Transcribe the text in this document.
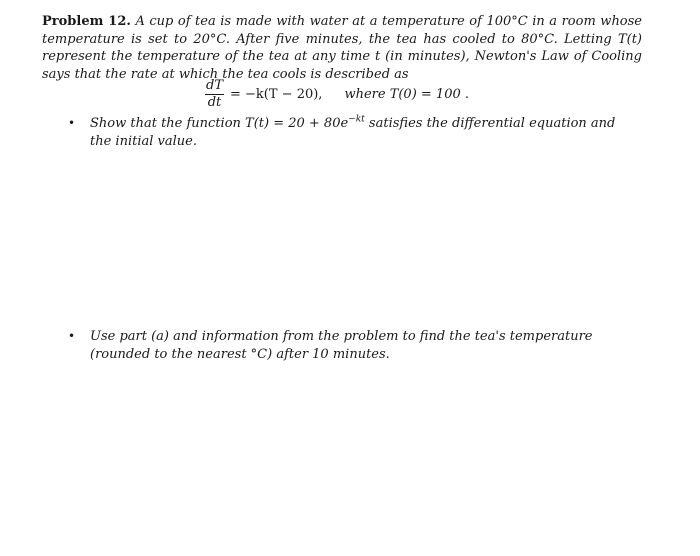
Problem 12. A cup of tea is made with water at a temperature of 100°C in a room whose temperature is set to 20°C. After five minutes, the tea has cooled to 80°C. Letting T(t) represent the temperature of the tea at any time t (in minutes), Newton's Law of Cooling says that the rate at which the tea cools is described as

$\frac{dT}{dt} = -k(T - 20)$, where T(0) = 100 .
•	Show that the function $T(t) = 20 + 80e^{-kt}$ satisfies the differential equation and the initial value.
•	Use part (a) and information from the problem to find the tea's temperature (rounded to the nearest °C) after 10 minutes.
